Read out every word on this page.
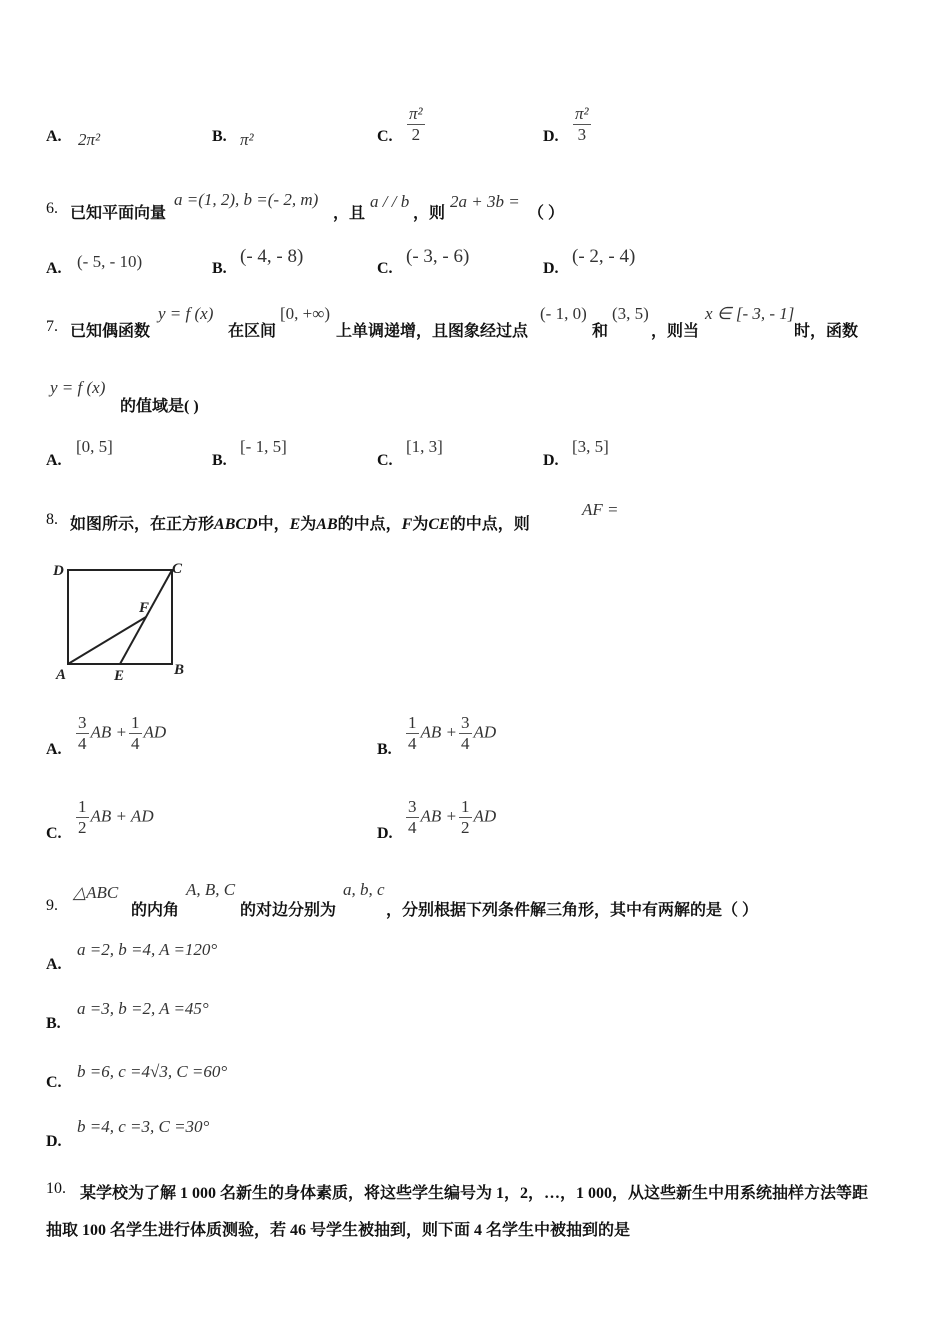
A. 2π²	B. π²	C. $\frac{\text{π²}}{2}$	D. $\frac{\text{π²}}{3}$
6. 已知平面向量
a =(1, 2), b =(- 2, m)
，且
a / / b
，则
2a + 3b =
（ ）
A. (- 5, - 10)	B.
(- 4, - 8)
C.
(- 3, - 6)
D.
(- 2, - 4)
7. 已知偶函数
y = f (x)
在区间
[0, +∞)
上单调递增，且图象经过点
(- 1, 0)
和
(3, 5)
，则当
x ∈ [- 3, - 1]
时，函数
y = f (x)
的值域是( )
A.
[0, 5]
B.
[- 1, 5]
C.
[1, 3]
D.
[3, 5]
8. 如图所示，在正方形ABCD中，E为AB的中点，F为CE的中点，则
AF =
D	C
F
A	E	B
A. $\frac{3}{4}$ AB + $\frac{1}{4}$ AD
B. $\frac{1}{4}$ AB + $\frac{3}{4}$ AD
C. $\frac{1}{2}$ AB + AD
D. $\frac{3}{4}$ AB + $\frac{1}{2}$ AD
9.
△ABC
的内角
A, B, C
的对边分别为
a, b, c
，分别根据下列条件解三角形，其中有两解的是（ ）
A.
a =2, b =4, A =120°
B.
a =3, b =2, A =45°
C.
b =6, c =4√3, C =60°
D.
b =4, c =3, C =30°
10. 某学校为了解 1 000 名新生的身体素质，将这些学生编号为 1，2，…，1 000，从这些新生中用系统抽样方法等距
抽取 100 名学生进行体质测验，若 46 号学生被抽到，则下面 4 名学生中被抽到的是
